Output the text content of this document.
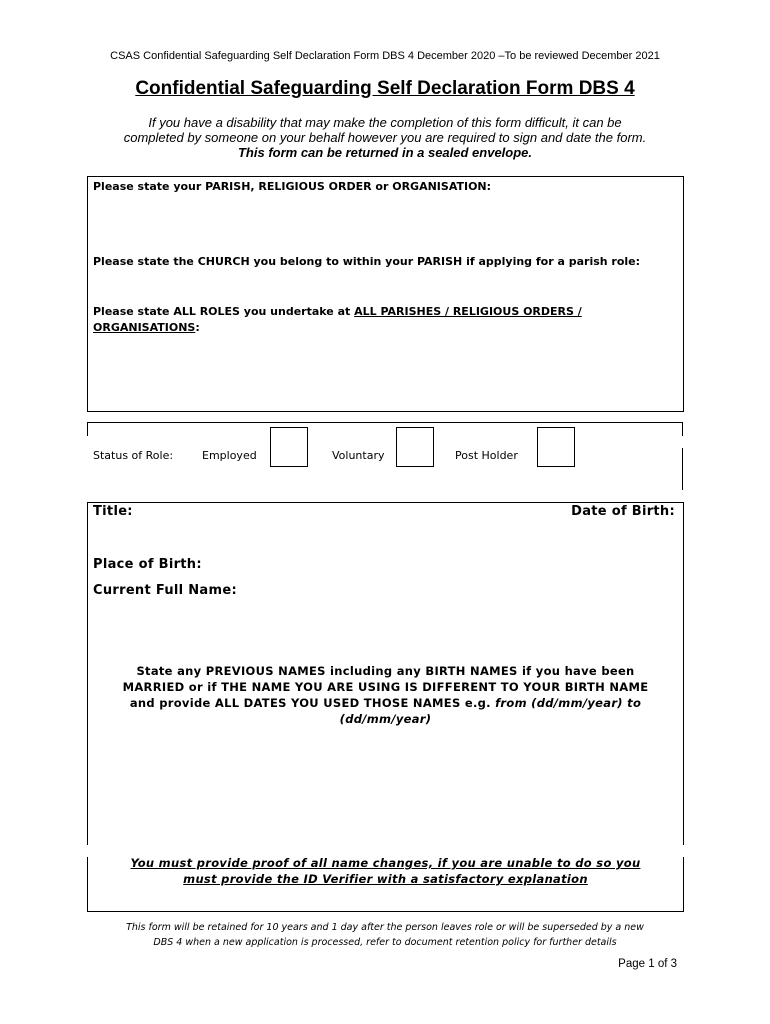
CSAS Confidential Safeguarding Self Declaration Form DBS 4 December 2020 –To be reviewed December 2021
Confidential Safeguarding Self Declaration Form DBS 4
If you have a disability that may make the completion of this form difficult, it can be
completed by someone on your behalf however you are required to sign and date the form.
This form can be returned in a sealed envelope.
Please state your PARISH, RELIGIOUS ORDER or ORGANISATION:
Please state the CHURCH you belong to within your PARISH if applying for a parish role:
Please state ALL ROLES you undertake at ALL PARISHES / RELIGIOUS ORDERS /
ORGANISATIONS:
Status of Role:	Employed	Voluntary	Post Holder
Title:	Date of Birth:
Place of Birth:
Current Full Name:
State any PREVIOUS NAMES including any BIRTH NAMES if you have been
MARRIED or if THE NAME YOU ARE USING IS DIFFERENT TO YOUR BIRTH NAME
and provide ALL DATES YOU USED THOSE NAMES e.g. from (dd/mm/year) to
(dd/mm/year)
You must provide proof of all name changes, if you are unable to do so you
must provide the ID Verifier with a satisfactory explanation
This form will be retained for 10 years and 1 day after the person leaves role or will be superseded by a new
DBS 4 when a new application is processed, refer to document retention policy for further details
Page 1 of 3
